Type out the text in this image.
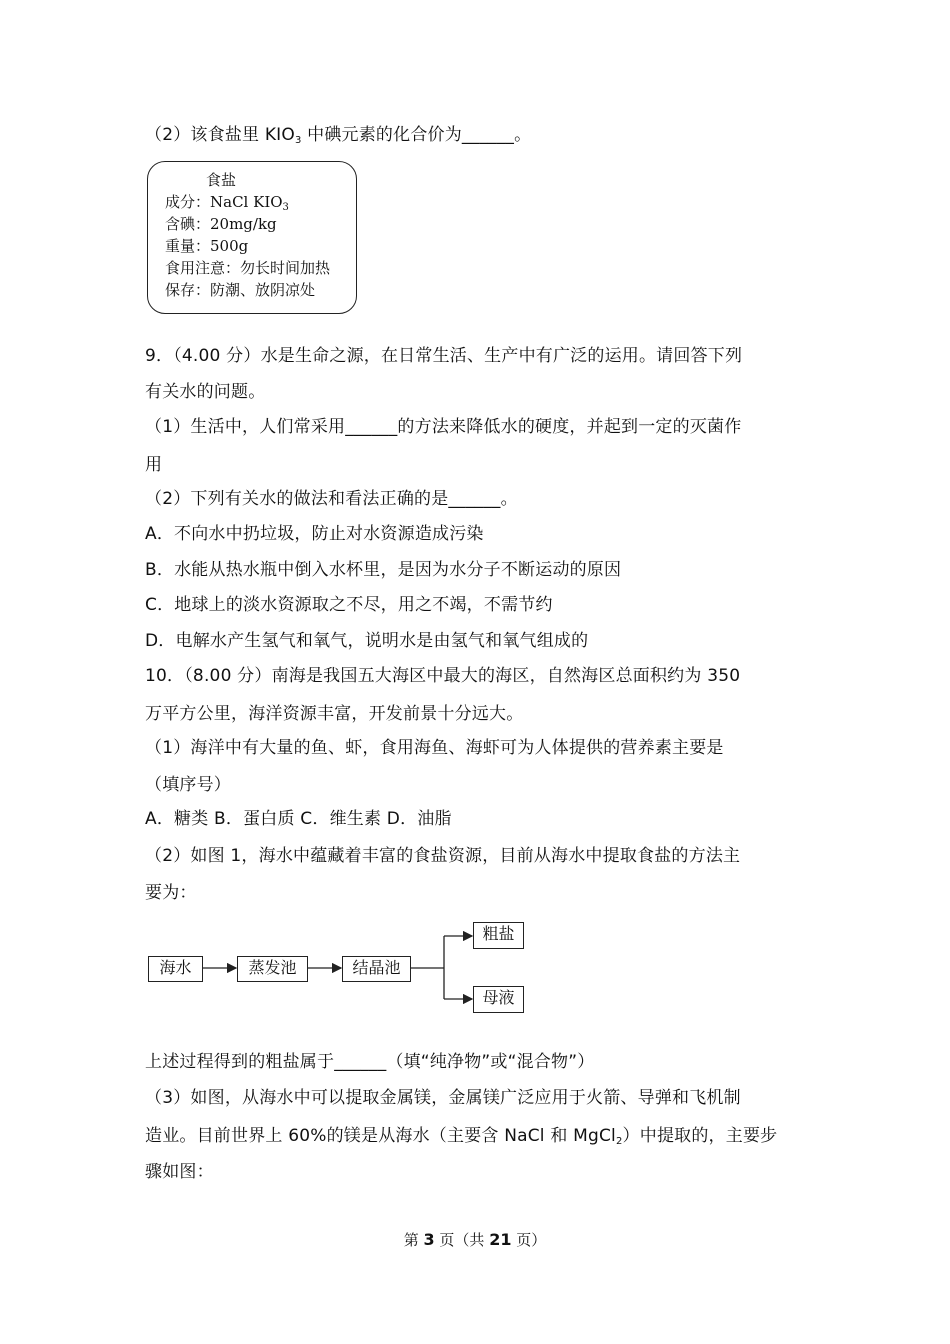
（2）该食盐里 $KIO_3$ 中碘元素的化合价为______。
食盐
成分：NaCl $KIO_3$
含碘：20mg/kg
重量：500g
食用注意：勿长时间加热
保存：防潮、放阴凉处
9．（4.00 分）水是生命之源，在日常生活、生产中有广泛的运用。请回答下列
有关水的问题。
（1）生活中，人们常采用______的方法来降低水的硬度，并起到一定的灭菌作
用
（2）下列有关水的做法和看法正确的是______。
A．不向水中扔垃圾，防止对水资源造成污染
B．水能从热水瓶中倒入水杯里，是因为水分子不断运动的原因
C．地球上的淡水资源取之不尽，用之不竭，不需节约
D．电解水产生氢气和氧气，说明水是由氢气和氧气组成的
10．（8.00 分）南海是我国五大海区中最大的海区，自然海区总面积约为 350
万平方公里，海洋资源丰富，开发前景十分远大。
（1）海洋中有大量的鱼、虾，食用海鱼、海虾可为人体提供的营养素主要是
（填序号）
A．糖类 B．蛋白质 C．维生素 D．油脂
（2）如图 1，海水中蕴藏着丰富的食盐资源，目前从海水中提取食盐的方法主
要为：
海水	蒸发池	结晶池
粗盐
母液
上述过程得到的粗盐属于______（填“纯净物”或“混合物”）
（3）如图，从海水中可以提取金属镁，金属镁广泛应用于火箭、导弹和飞机制
造业。目前世界上 60%的镁是从海水（主要含 NaCl 和 MgCl$_2$）中提取的，主要步
骤如图：
第 3 页（共 21 页）
